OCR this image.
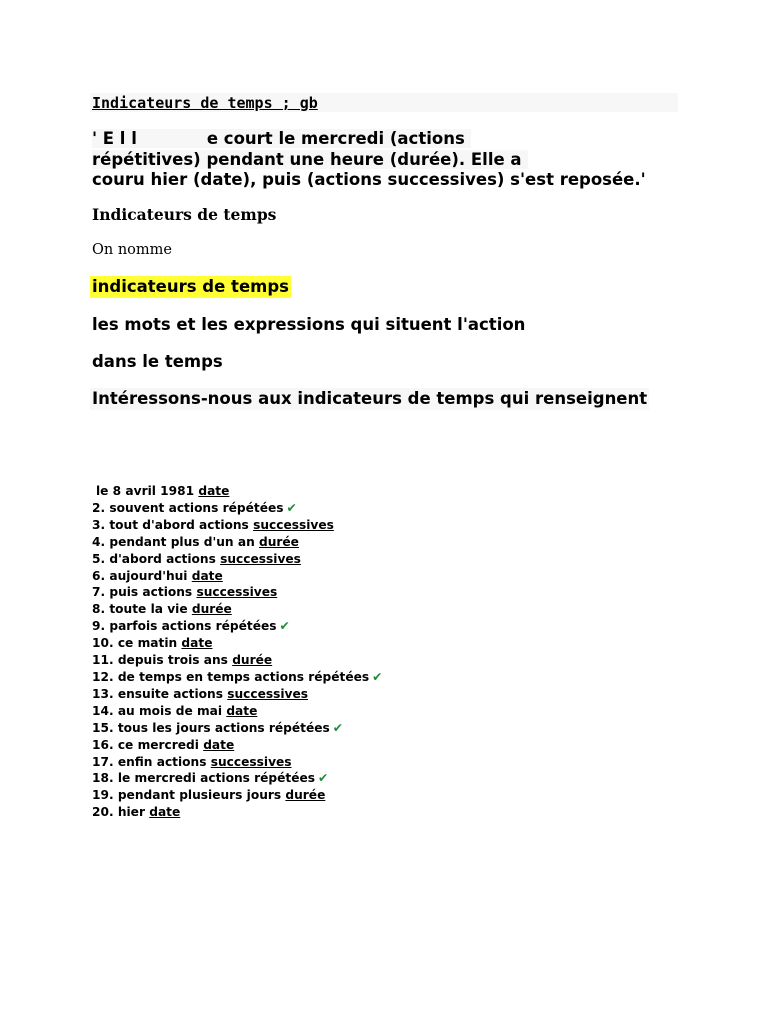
Indicateurs de temps ; gb
' E l l	e court le mercredi (actions
répétitives) pendant une heure (durée). Elle a
couru hier (date), puis (actions successives) s'est reposée.'
Indicateurs de temps
On nomme
indicateurs de temps
les mots et les expressions qui situent l'action
dans le temps
Intéressons-nous aux indicateurs de temps qui renseignent
le 8 avril 1981 date
2. souvent actions répétées ✔
3. tout d'abord actions successives
4. pendant plus d'un an durée
5. d'abord actions successives
6. aujourd'hui date
7. puis actions successives
8. toute la vie durée
9. parfois actions répétées ✔
10. ce matin date
11. depuis trois ans durée
12. de temps en temps actions répétées ✔
13. ensuite actions successives
14. au mois de mai date
15. tous les jours actions répétées ✔
16. ce mercredi date
17. enfin actions successives
18. le mercredi actions répétées ✔
19. pendant plusieurs jours durée
20. hier date
